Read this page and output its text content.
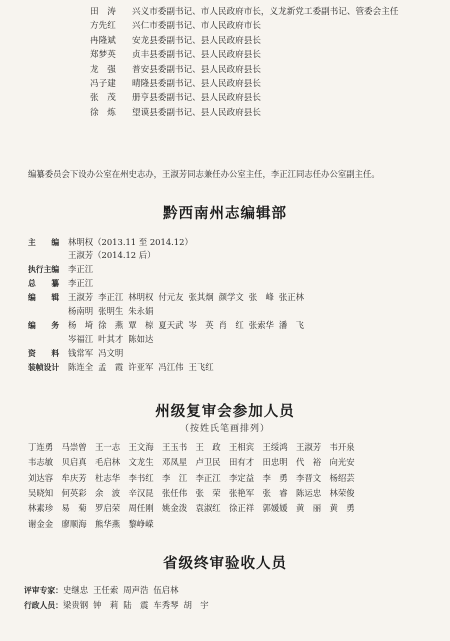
田　涛 兴义市委副书记、市人民政府市长，义龙新党工委副书记、管委会主任
方先红 兴仁市委副书记、市人民政府市长
冉隆斌 安龙县委副书记、县人民政府县长
郑梦英 贞丰县委副书记、县人民政府县长
龙　强 普安县委副书记、县人民政府县长
冯子建 晴隆县委副书记、县人民政府县长
张　茂 册亨县委副书记、县人民政府县长
徐　炼 望谟县委副书记、县人民政府县长
编纂委员会下设办公室在州史志办，王淑芳同志兼任办公室主任，李正江同志任办公室副主任。
黔西南州志编辑部
主　　编 林明权（2013.11 至 2014.12）
王淑芳（2014.12 后）
执行主编 李正江
总　　纂 李正江
编　　辑 王淑芳 李正江 林明权 付元友 张其炯 颜学文 张　峰 张正林
杨南明 张明生 朱永娟
编　　务 杨　埼 徐　燕 覃　椋 夏天武 岑　英 肖　红 张索华 潘　飞
岑福江 叶其才 陈如达
资　　料 钱常军 冯文明
装帧设计 陈连全 孟　霞 许亚军 冯江伟 王飞红
州级复审会参加人员
（按姓氏笔画排列）
丁连勇 马崇曾 王一志 王文海 王玉书 王　政 王相宾 王绥鸿 王淑芳 韦开泉
韦志敏 贝启真 毛启林 文龙生 邓凤星 卢卫民 田有才 田忠明 代　裕 向光安
刘达容 牟庆芳 杜志华 李书红 李　江 李正江 李定益 李　勇 李晋文 杨绍芸
吴晓知 何英彩 余　波 辛汉昆 张任伟 张　荣 张艳军 张　睿 陈运忠 林荣俊
林素珍 易　菊 罗启荣 周任刚 姚金泼 袁淑红 徐正祥 郭媛媛 黄　丽 黄　勇
谢金金 廖顺海 熊华燕 黎峥嵘
省级终审验收人员
评审专家：史继忠 王任索 周声浩 伍启林
行政人员：梁贵钢 钟　莉 陆　震 车秀琴 胡　宇
